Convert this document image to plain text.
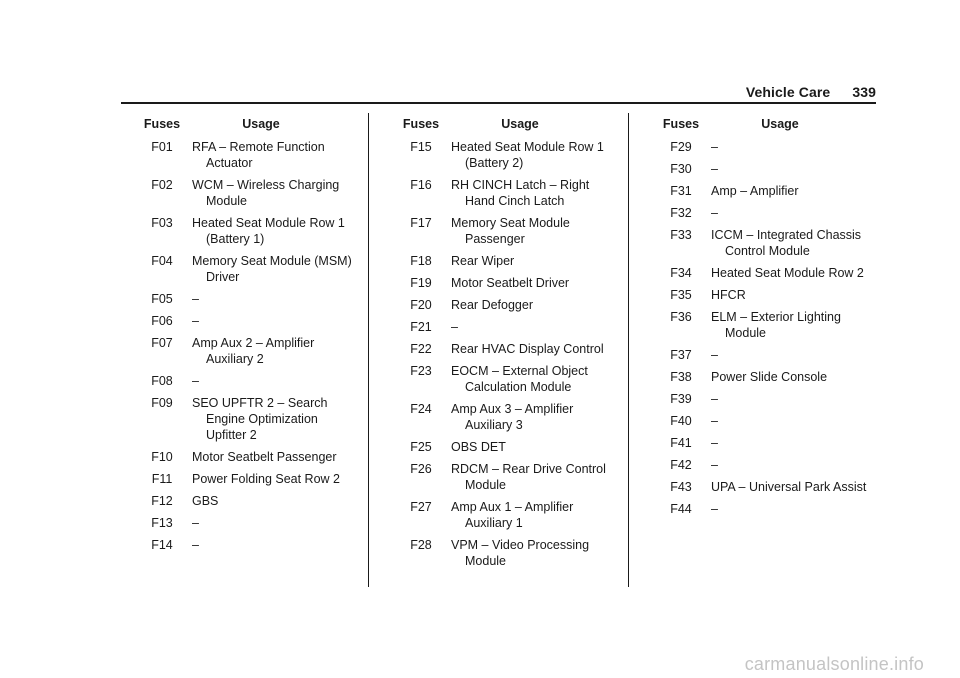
Vehicle Care 339
Fuses	Usage
F01	RFA – Remote Function Actuator
F02	WCM – Wireless Charging Module
F03	Heated Seat Module Row 1 (Battery 1)
F04	Memory Seat Module (MSM) Driver
F05	–
F06	–
F07	Amp Aux 2 – Amplifier Auxiliary 2
F08	–
F09	SEO UPFTR 2 – Search Engine Optimization Upfitter 2
F10	Motor Seatbelt Passenger
F11	Power Folding Seat Row 2
F12	GBS
F13	–
F14	–
Fuses	Usage
F15	Heated Seat Module Row 1 (Battery 2)
F16	RH CINCH Latch – Right Hand Cinch Latch
F17	Memory Seat Module Passenger
F18	Rear Wiper
F19	Motor Seatbelt Driver
F20	Rear Defogger
F21	–
F22	Rear HVAC Display Control
F23	EOCM – External Object Calculation Module
F24	Amp Aux 3 – Amplifier Auxiliary 3
F25	OBS DET
F26	RDCM – Rear Drive Control Module
F27	Amp Aux 1 – Amplifier Auxiliary 1
F28	VPM – Video Processing Module
Fuses	Usage
F29	–
F30	–
F31	Amp – Amplifier
F32	–
F33	ICCM – Integrated Chassis Control Module
F34	Heated Seat Module Row 2
F35	HFCR
F36	ELM – Exterior Lighting Module
F37	–
F38	Power Slide Console
F39	–
F40	–
F41	–
F42	–
F43	UPA – Universal Park Assist
F44	–
carmanualsonline.info
